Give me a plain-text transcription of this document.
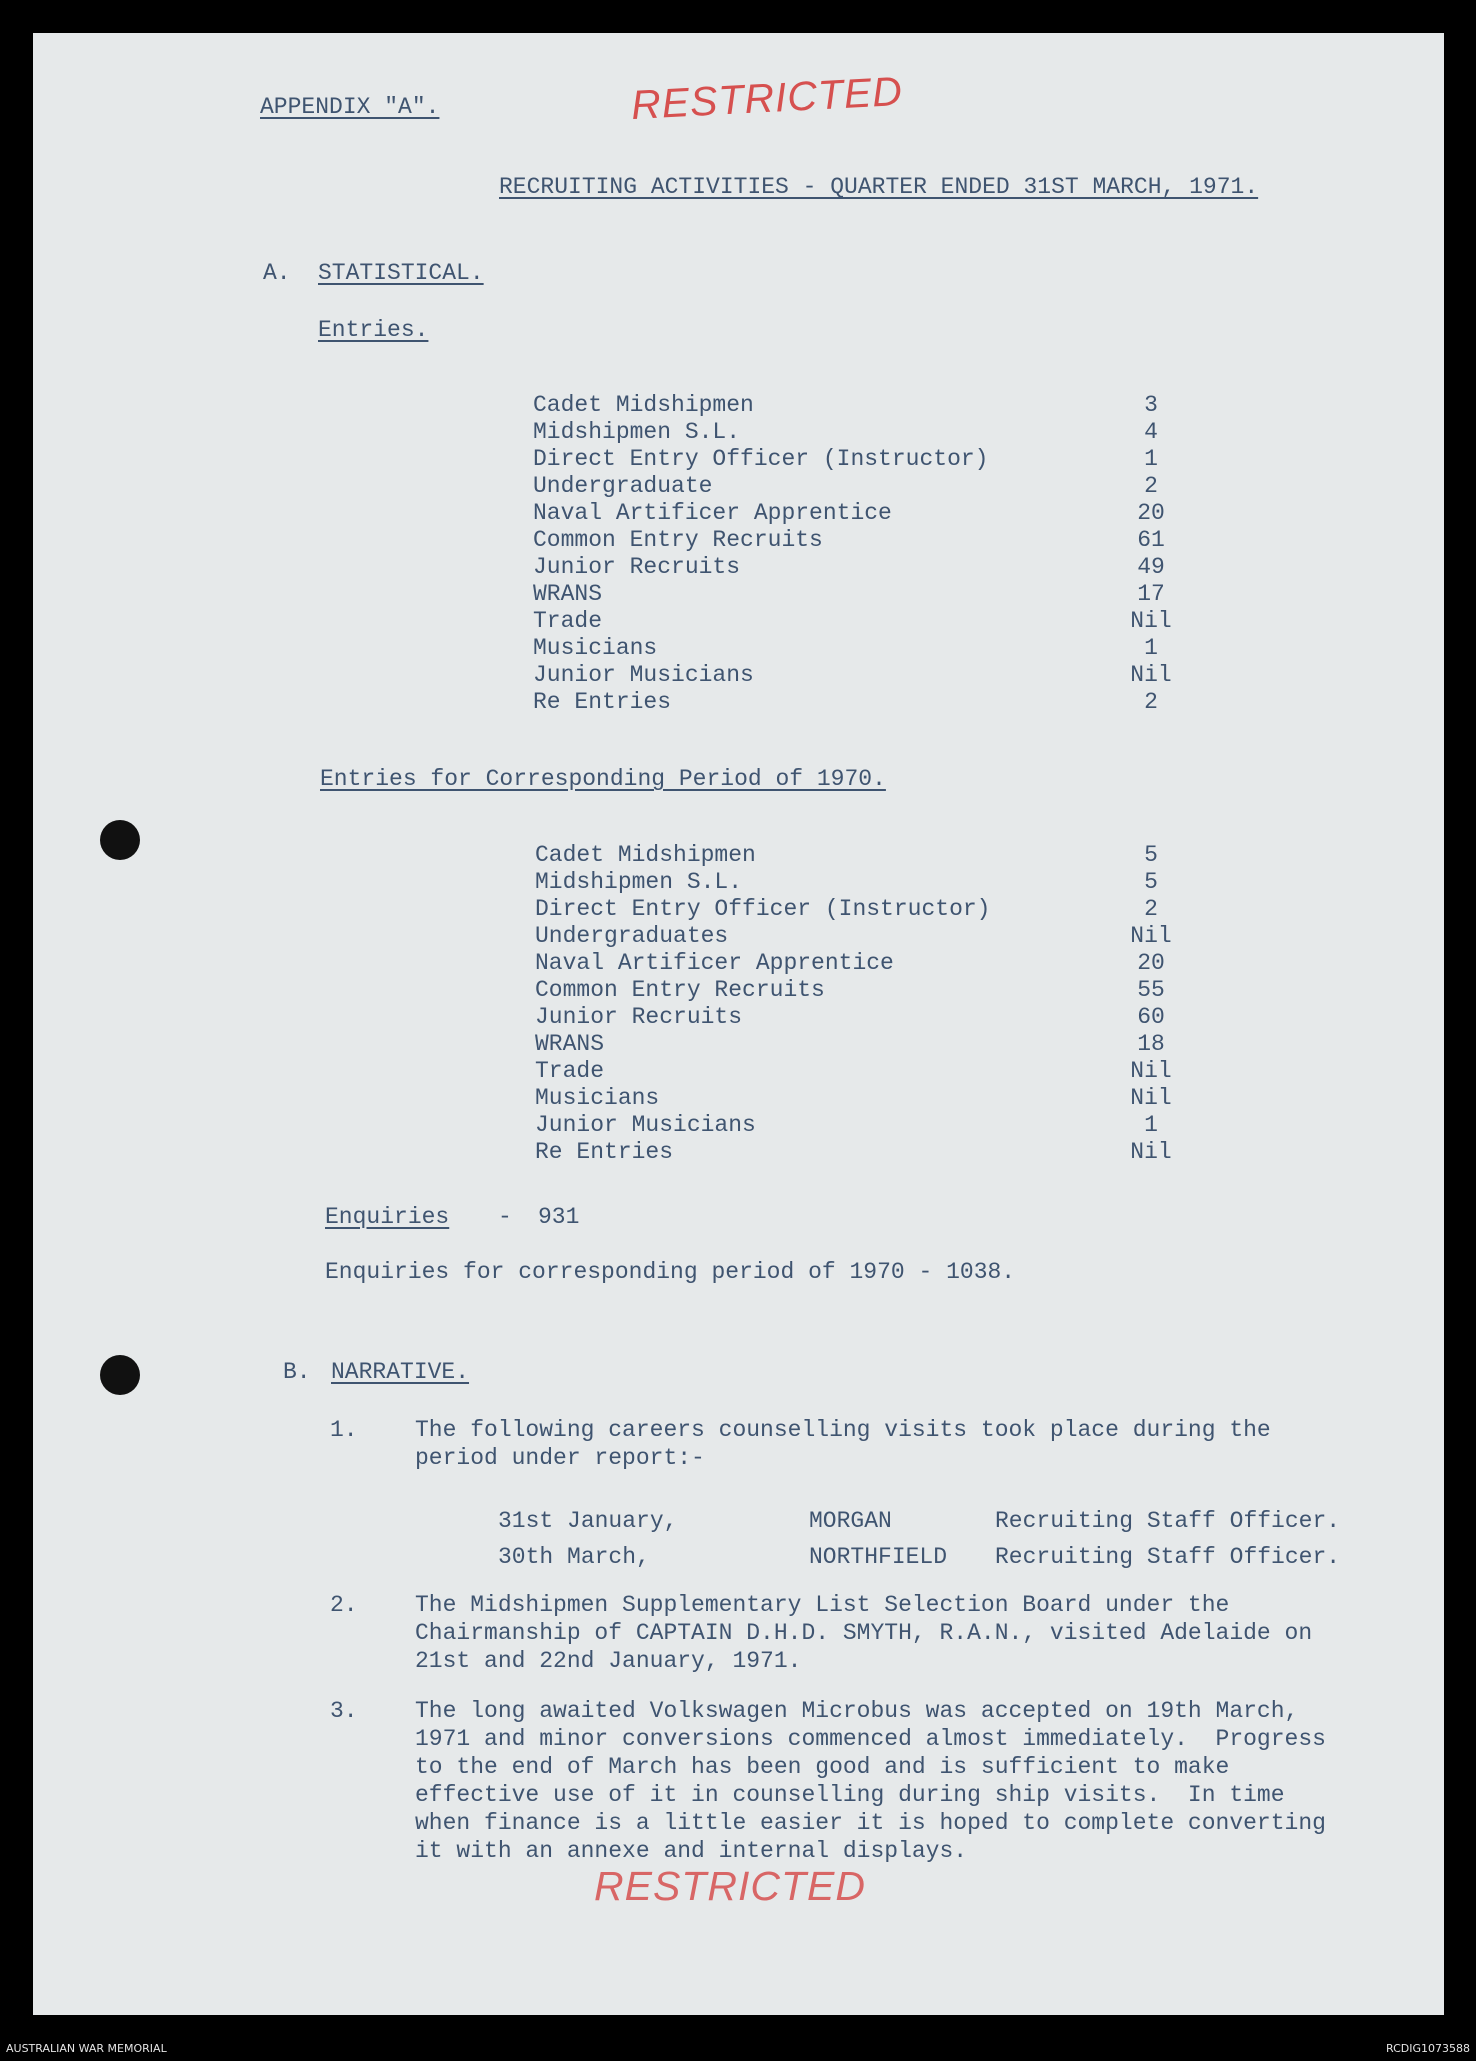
APPENDIX "A".	RESTRICTED
RECRUITING ACTIVITIES - QUARTER ENDED 31ST MARCH, 1971.
A. STATISTICAL.
Entries.
Cadet Midshipmen	3
Midshipmen S.L.	4
Direct Entry Officer (Instructor)	1
Undergraduate	2
Naval Artificer Apprentice	20
Common Entry Recruits	61
Junior Recruits	49
WRANS	17
Trade	Nil
Musicians	1
Junior Musicians	Nil
Re Entries	2
Entries for Corresponding Period of 1970.
Cadet Midshipmen	5
Midshipmen S.L.	5
Direct Entry Officer (Instructor)	2
Undergraduates	Nil
Naval Artificer Apprentice	20
Common Entry Recruits	55
Junior Recruits	60
WRANS	18
Trade	Nil
Musicians	Nil
Junior Musicians	1
Re Entries	Nil
Enquiries - 931
Enquiries for corresponding period of 1970 - 1038.
B. NARRATIVE.
1. The following careers counselling visits took place during the
period under report:-
31st January,	MORGAN	Recruiting Staff Officer.
30th March,	NORTHFIELD Recruiting Staff Officer.
2. The Midshipmen Supplementary List Selection Board under the
Chairmanship of CAPTAIN D.H.D. SMYTH, R.A.N., visited Adelaide on
21st and 22nd January, 1971.
3. The long awaited Volkswagen Microbus was accepted on 19th March,
1971 and minor conversions commenced almost immediately.  Progress
to the end of March has been good and is sufficient to make
effective use of it in counselling during ship visits.  In time
when finance is a little easier it is hoped to complete converting
it with an annexe and internal displays.
RESTRICTED
AUSTRALIAN WAR MEMORIAL	RCDIG1073588
